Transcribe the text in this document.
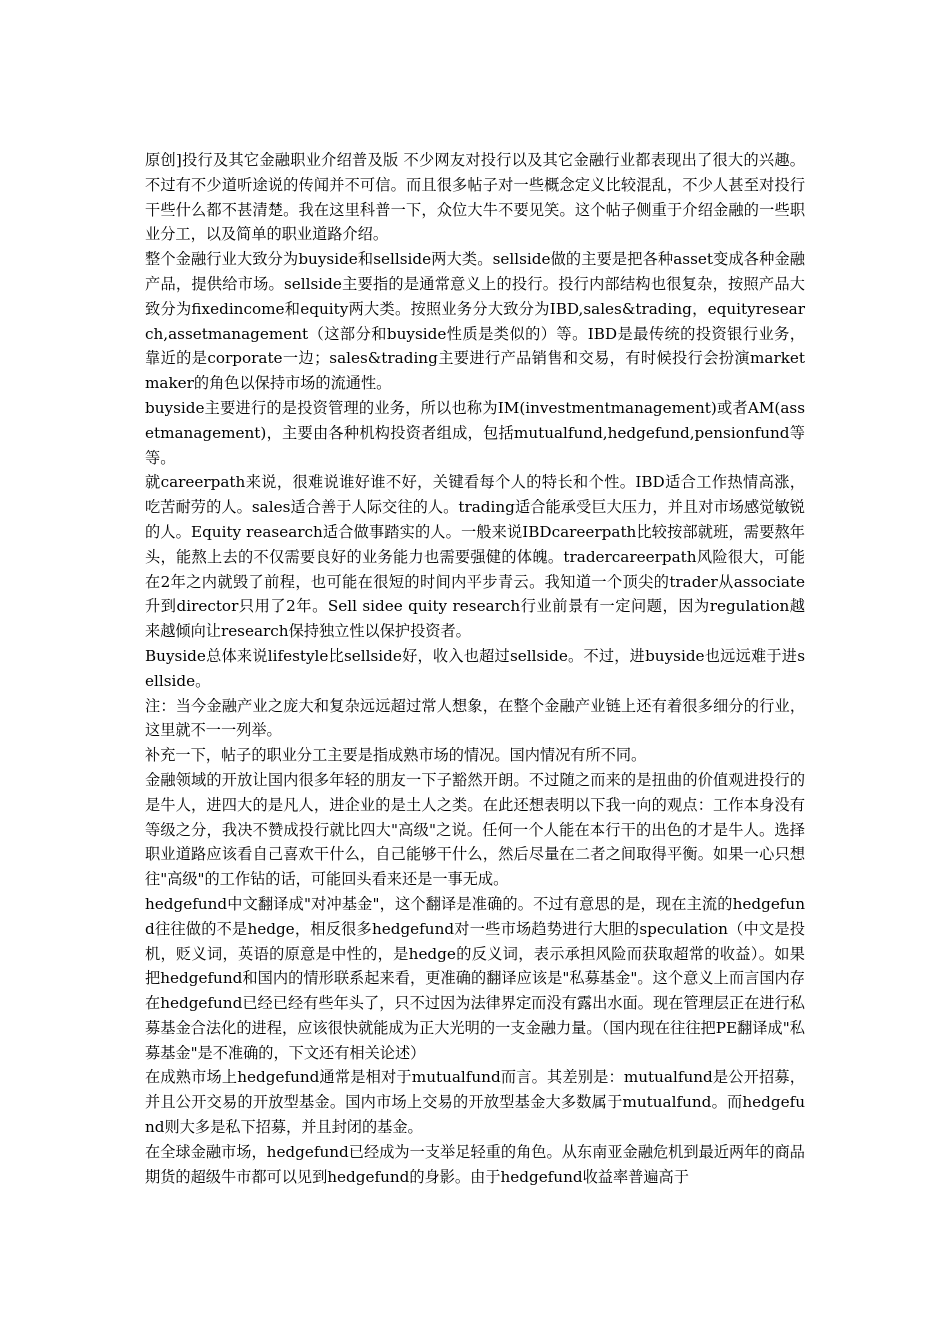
原创]投行及其它金融职业介绍普及版 不少网友对投行以及其它金融行业都表现出了很大的兴趣。不过有不少道听途说的传闻并不可信。而且很多帖子对一些概念定义比较混乱，不少人甚至对投行干些什么都不甚清楚。我在这里科普一下，众位大牛不要见笑。这个帖子侧重于介绍金融的一些职业分工，以及简单的职业道路介绍。

整个金融行业大致分为buyside和sellside两大类。sellside做的主要是把各种asset变成各种金融产品，提供给市场。sellside主要指的是通常意义上的投行。投行内部结构也很复杂，按照产品大致分为fixedincome和equity两大类。按照业务分大致分为IBD,sales&trading，equityresearch,assetmanagement（这部分和buyside性质是类似的）等。IBD是最传统的投资银行业务，靠近的是corporate一边；sales&trading主要进行产品销售和交易，有时候投行会扮演marketmaker的角色以保持市场的流通性。

buyside主要进行的是投资管理的业务，所以也称为IM(investmentmanagement)或者AM(assetmanagement)，主要由各种机构投资者组成，包括mutualfund,hedgefund,pensionfund等等。

就careerpath来说，很难说谁好谁不好，关键看每个人的特长和个性。IBD适合工作热情高涨，吃苦耐劳的人。sales适合善于人际交往的人。trading适合能承受巨大压力，并且对市场感觉敏锐的人。Equity reasearch适合做事踏实的人。一般来说IBDcareerpath比较按部就班，需要熬年头，能熬上去的不仅需要良好的业务能力也需要强健的体魄。tradercareerpath风险很大，可能在2年之内就毁了前程，也可能在很短的时间内平步青云。我知道一个顶尖的trader从associate升到director只用了2年。Sell sidee quity research行业前景有一定问题，因为regulation越来越倾向让research保持独立性以保护投资者。

Buyside总体来说lifestyle比sellside好，收入也超过sellside。不过，进buyside也远远难于进sellside。

注：当今金融产业之庞大和复杂远远超过常人想象，在整个金融产业链上还有着很多细分的行业，这里就不一一列举。

补充一下，帖子的职业分工主要是指成熟市场的情况。国内情况有所不同。

金融领域的开放让国内很多年轻的朋友一下子豁然开朗。不过随之而来的是扭曲的价值观进投行的是牛人，进四大的是凡人，进企业的是土人之类。在此还想表明以下我一向的观点：工作本身没有等级之分，我决不赞成投行就比四大"高级"之说。任何一个人能在本行干的出色的才是牛人。选择职业道路应该看自己喜欢干什么，自己能够干什么，然后尽量在二者之间取得平衡。如果一心只想往"高级"的工作钻的话，可能回头看来还是一事无成。

hedgefund中文翻译成"对冲基金"，这个翻译是准确的。不过有意思的是，现在主流的hedgefund往往做的不是hedge，相反很多hedgefund对一些市场趋势进行大胆的speculation（中文是投机，贬义词，英语的原意是中性的，是hedge的反义词，表示承担风险而获取超常的收益）。如果把hedgefund和国内的情形联系起来看，更准确的翻译应该是"私募基金"。这个意义上而言国内存在hedgefund已经已经有些年头了，只不过因为法律界定而没有露出水面。现在管理层正在进行私募基金合法化的进程，应该很快就能成为正大光明的一支金融力量。（国内现在往往把PE翻译成"私募基金"是不准确的，下文还有相关论述）

在成熟市场上hedgefund通常是相对于mutualfund而言。其差别是：mutualfund是公开招募，并且公开交易的开放型基金。国内市场上交易的开放型基金大多数属于mutualfund。而hedgefund则大多是私下招募，并且封闭的基金。

在全球金融市场，hedgefund已经成为一支举足轻重的角色。从东南亚金融危机到最近两年的商品期货的超级牛市都可以见到hedgefund的身影。由于hedgefund收益率普遍高于
